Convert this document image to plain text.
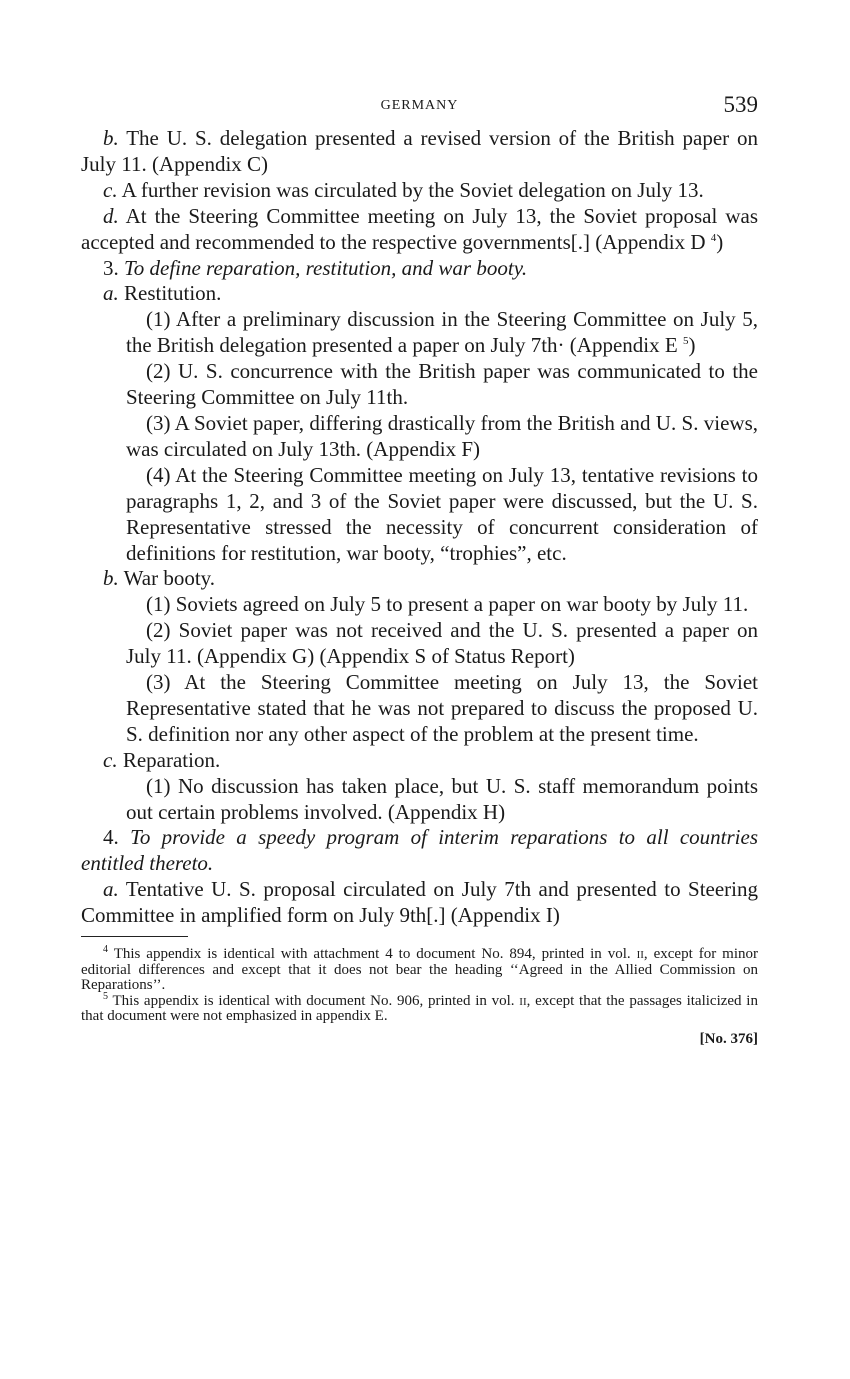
GERMANY	539

b. The U. S. delegation presented a revised version of the British paper on July 11. (Appendix C)

c. A further revision was circulated by the Soviet delegation on July 13.

d. At the Steering Committee meeting on July 13, the Soviet proposal was accepted and recommended to the respective governments[.] (Appendix D $^4$)

3. To define reparation, restitution, and war booty.

a. Restitution.

(1) After a preliminary discussion in the Steering Committee on July 5, the British delegation presented a paper on July 7th· (Appendix E $^5$)

(2) U. S. concurrence with the British paper was communicated to the Steering Committee on July 11th.

(3) A Soviet paper, differing drastically from the British and U. S. views, was circulated on July 13th. (Appendix F)

(4) At the Steering Committee meeting on July 13, tentative revisions to paragraphs 1, 2, and 3 of the Soviet paper were discussed, but the U. S. Representative stressed the necessity of concurrent consideration of definitions for restitution, war booty, “trophies”, etc.

b. War booty.

(1) Soviets agreed on July 5 to present a paper on war booty by July 11.

(2) Soviet paper was not received and the U. S. presented a paper on July 11. (Appendix G) (Appendix S of Status Report)

(3) At the Steering Committee meeting on July 13, the Soviet Representative stated that he was not prepared to discuss the proposed U. S. definition nor any other aspect of the problem at the present time.

c. Reparation.

(1) No discussion has taken place, but U. S. staff memorandum points out certain problems involved. (Appendix H)

4. To provide a speedy program of interim reparations to all countries entitled thereto.

a. Tentative U. S. proposal circulated on July 7th and presented to Steering Committee in amplified form on July 9th[.] (Appendix I)

$^4$ This appendix is identical with attachment 4 to document No. 894, printed in vol. ii, except for minor editorial differences and except that it does not bear the heading ‘‘Agreed in the Allied Commission on Reparations’’.

$^5$ This appendix is identical with document No. 906, printed in vol. ii, except that the passages italicized in that document were not emphasized in appendix E.

[No. 376]
